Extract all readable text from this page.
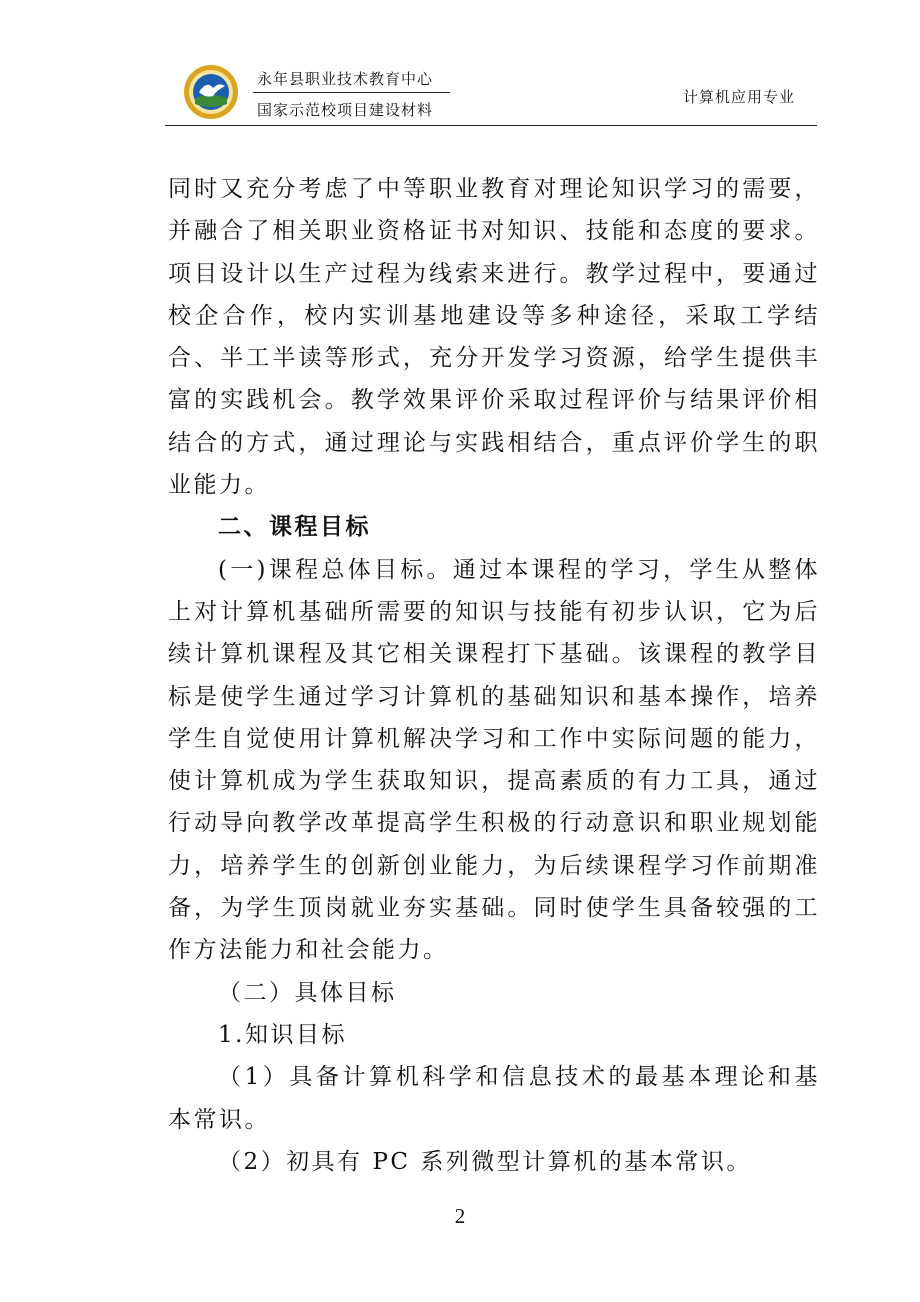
永年县职业技术教育中心
国家示范校项目建设材料
计算机应用专业

同时又充分考虑了中等职业教育对理论知识学习的需要，并融合了相关职业资格证书对知识、技能和态度的要求。项目设计以生产过程为线索来进行。教学过程中，要通过校企合作，校内实训基地建设等多种途径，采取工学结合、半工半读等形式，充分开发学习资源，给学生提供丰富的实践机会。教学效果评价采取过程评价与结果评价相结合的方式，通过理论与实践相结合，重点评价学生的职业能力。

二、课程目标

(一)课程总体目标。通过本课程的学习，学生从整体上对计算机基础所需要的知识与技能有初步认识，它为后续计算机课程及其它相关课程打下基础。该课程的教学目标是使学生通过学习计算机的基础知识和基本操作，培养学生自觉使用计算机解决学习和工作中实际问题的能力，使计算机成为学生获取知识，提高素质的有力工具，通过行动导向教学改革提高学生积极的行动意识和职业规划能力，培养学生的创新创业能力，为后续课程学习作前期准备，为学生顶岗就业夯实基础。同时使学生具备较强的工作方法能力和社会能力。

（二）具体目标

1.知识目标

（1）具备计算机科学和信息技术的最基本理论和基本常识。

（2）初具有 PC 系列微型计算机的基本常识。

2
